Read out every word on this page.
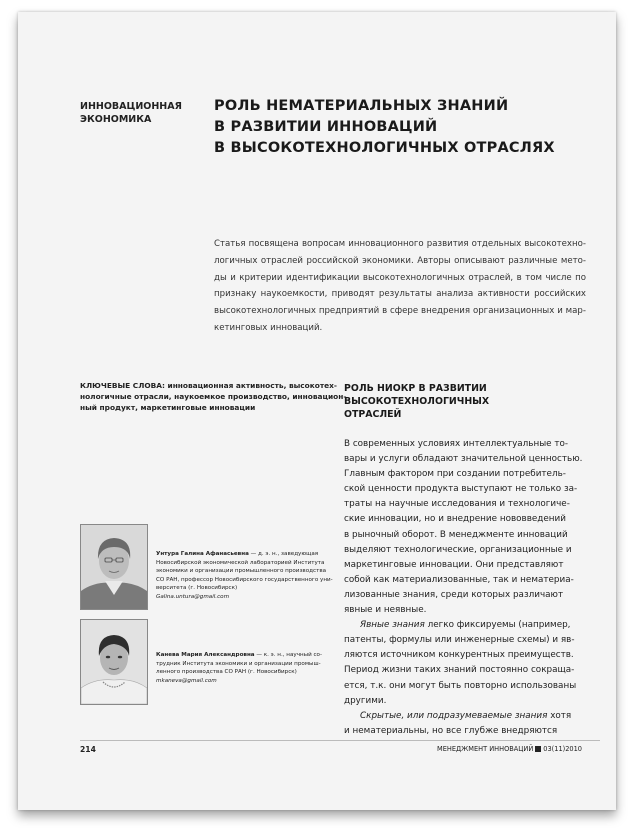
ИННОВАЦИОННАЯ
ЭКОНОМИКА
РОЛЬ НЕМАТЕРИАЛЬНЫХ ЗНАНИЙ
В РАЗВИТИИ ИННОВАЦИЙ
В ВЫСОКОТЕХНОЛОГИЧНЫХ ОТРАСЛЯХ
Статья посвящена вопросам инновационного развития отдельных высокотехно-
логичных отраслей российской экономики. Авторы описывают различные мето-
ды и критерии идентификации высокотехнологичных отраслей, в том числе по
признаку наукоемкости, приводят результаты анализа активности российских
высокотехнологичных предприятий в сфере внедрения организационных и мар-
кетинговых инноваций.
КЛЮЧЕВЫЕ СЛОВА: инновационная активность, высокотех-
нологичные отрасли, наукоемкое производство, инновацион-
ный продукт, маркетинговые инновации
РОЛЬ НИОКР В РАЗВИТИИ
ВЫСОКОТЕХНОЛОГИЧНЫХ
ОТРАСЛЕЙ
В современных условиях интеллектуальные то-
вары и услуги обладают значительной ценностью.
Главным фактором при создании потребитель-
ской ценности продукта выступают не только за-
траты на научные исследования и технологиче-
ские инновации, но и внедрение нововведений
в рыночный оборот. В менеджменте инноваций
выделяют технологические, организационные и
маркетинговые инновации. Они представляют
собой как материализованные, так и нематериа-
лизованные знания, среди которых различают
явные и неявные.
Явные знания легко фиксируемы (например,
патенты, формулы или инженерные схемы) и яв-
ляются источником конкурентных преимуществ.
Период жизни таких знаний постоянно сокраща-
ется, т.к. они могут быть повторно использованы
другими.
Скрытые, или подразумеваемые знания хотя
и нематериальны, но все глубже внедряются
Унтура Галина Афанасьевна — д. э. н., заведующая
Новосибирской экономической лабораторией Института
экономики и организации промышленного производства
СО РАН, профессор Новосибирского государственного уни-
верситета (г. Новосибирск)
Galina.untura@gmail.com
Канева Мария Александровна — к. э. н., научный со-
трудник Института экономики и организации промыш-
ленного производства СО РАН (г. Новосибирск)
mkaneva@gmail.com
214	МЕНЕДЖМЕНТ ИННОВАЦИЙ 03(11)2010
